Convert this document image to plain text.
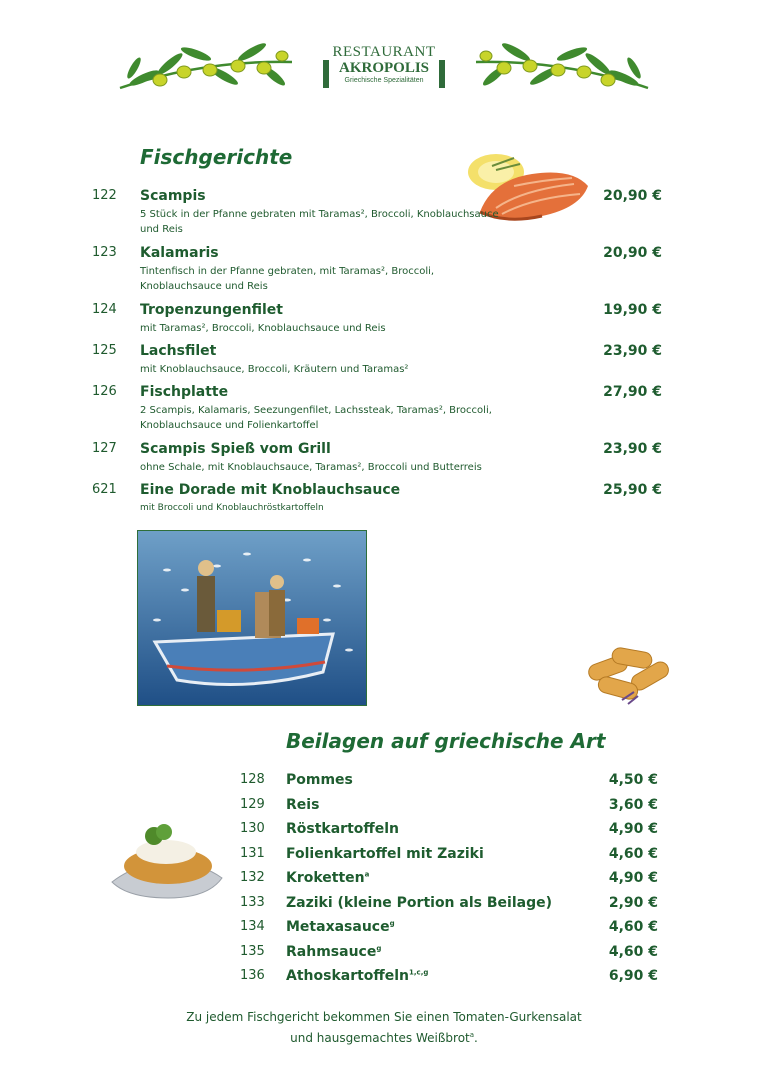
RESTAURANT
AKROPOLIS
Griechische Spezialitäten
Fischgerichte
122 Scampis
5 Stück in der Pfanne gebraten mit Taramas², Broccoli, Knoblauchsauce und Reis
20,90 €
123 Kalamaris
Tintenfisch in der Pfanne gebraten, mit Taramas², Broccoli, Knoblauchsauce und Reis
20,90 €
124 Tropenzungenfilet
mit Taramas², Broccoli, Knoblauchsauce und Reis
19,90 €
125 Lachsfilet
mit Knoblauchsauce, Broccoli, Kräutern und Taramas²
23,90 €
126 Fischplatte
2 Scampis, Kalamaris, Seezungenfilet, Lachssteak, Taramas², Broccoli, Knoblauchsauce und Folienkartoffel
27,90 €
127 Scampis Spieß vom Grill
ohne Schale, mit Knoblauchsauce, Taramas², Broccoli und Butterreis
23,90 €
621 Eine Dorade mit Knoblauchsauce
mit Broccoli und Knoblauchröstkartoffeln
25,90 €
Beilagen auf griechische Art
128 Pommes	4,50 €
129 Reis	3,60 €
130 Röstkartoffeln	4,90 €
131 Folienkartoffel mit Zaziki	4,60 €
132 Kroketten$^a$	4,90 €
133 Zaziki (kleine Portion als Beilage)	2,90 €
134 Metaxasauce$^g$	4,60 €
135 Rahmsauce$^g$	4,60 €
136 Athoskartoffeln$^{1,c,g}$	6,90 €
Zu jedem Fischgericht bekommen Sie einen Tomaten-Gurkensalat
und hausgemachtes Weißbrot$^a$.
